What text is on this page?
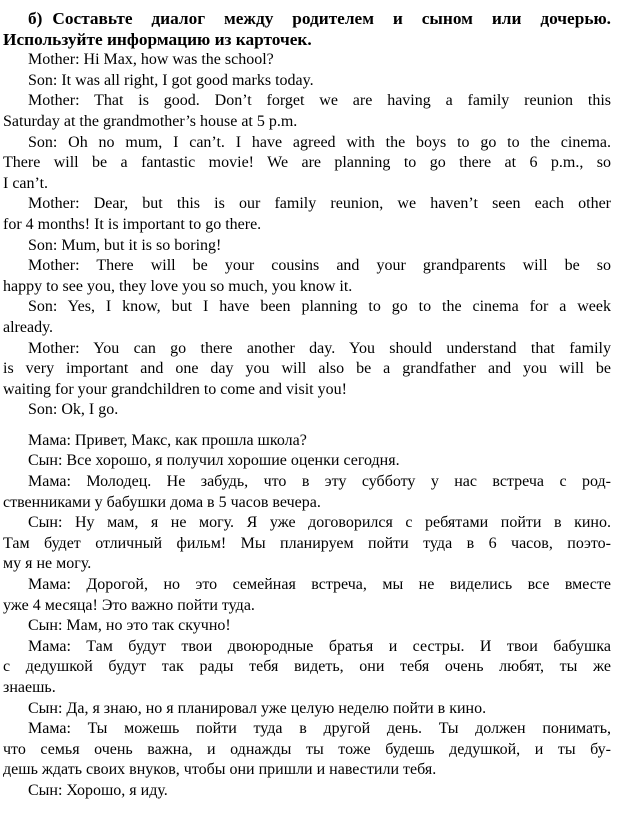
б) Составьте диалог между родителем и сыном или дочерью.
Используйте информацию из карточек.
Mother: Hi Max, how was the school?
Son: It was all right, I got good marks today.
Mother: That is good. Don’t forget we are having a family reunion this
Saturday at the grandmother’s house at 5 p.m.
Son: Oh no mum, I can’t. I have agreed with the boys to go to the cinema.
There will be a fantastic movie! We are planning to go there at 6 p.m., so
I can’t.
Mother: Dear, but this is our family reunion, we haven’t seen each other
for 4 months! It is important to go there.
Son: Mum, but it is so boring!
Mother: There will be your cousins and your grandparents will be so
happy to see you, they love you so much, you know it.
Son: Yes, I know, but I have been planning to go to the cinema for a week
already.
Mother: You can go there another day. You should understand that family
is very important and one day you will also be a grandfather and you will be
waiting for your grandchildren to come and visit you!
Son: Ok, I go.
Мама: Привет, Макс, как прошла школа?
Сын: Все хорошо, я получил хорошие оценки сегодня.
Мама: Молодец. Не забудь, что в эту субботу у нас встреча с род-
ственниками у бабушки дома в 5 часов вечера.
Сын: Ну мам, я не могу. Я уже договорился с ребятами пойти в кино.
Там будет отличный фильм! Мы планируем пойти туда в 6 часов, поэто-
му я не могу.
Мама: Дорогой, но это семейная встреча, мы не виделись все вместе
уже 4 месяца! Это важно пойти туда.
Сын: Мам, но это так скучно!
Мама: Там будут твои двоюродные братья и сестры. И твои бабушка
с дедушкой будут так рады тебя видеть, они тебя очень любят, ты же
знаешь.
Сын: Да, я знаю, но я планировал уже целую неделю пойти в кино.
Мама: Ты можешь пойти туда в другой день. Ты должен понимать,
что семья очень важна, и однажды ты тоже будешь дедушкой, и ты бу-
дешь ждать своих внуков, чтобы они пришли и навестили тебя.
Сын: Хорошо, я иду.
